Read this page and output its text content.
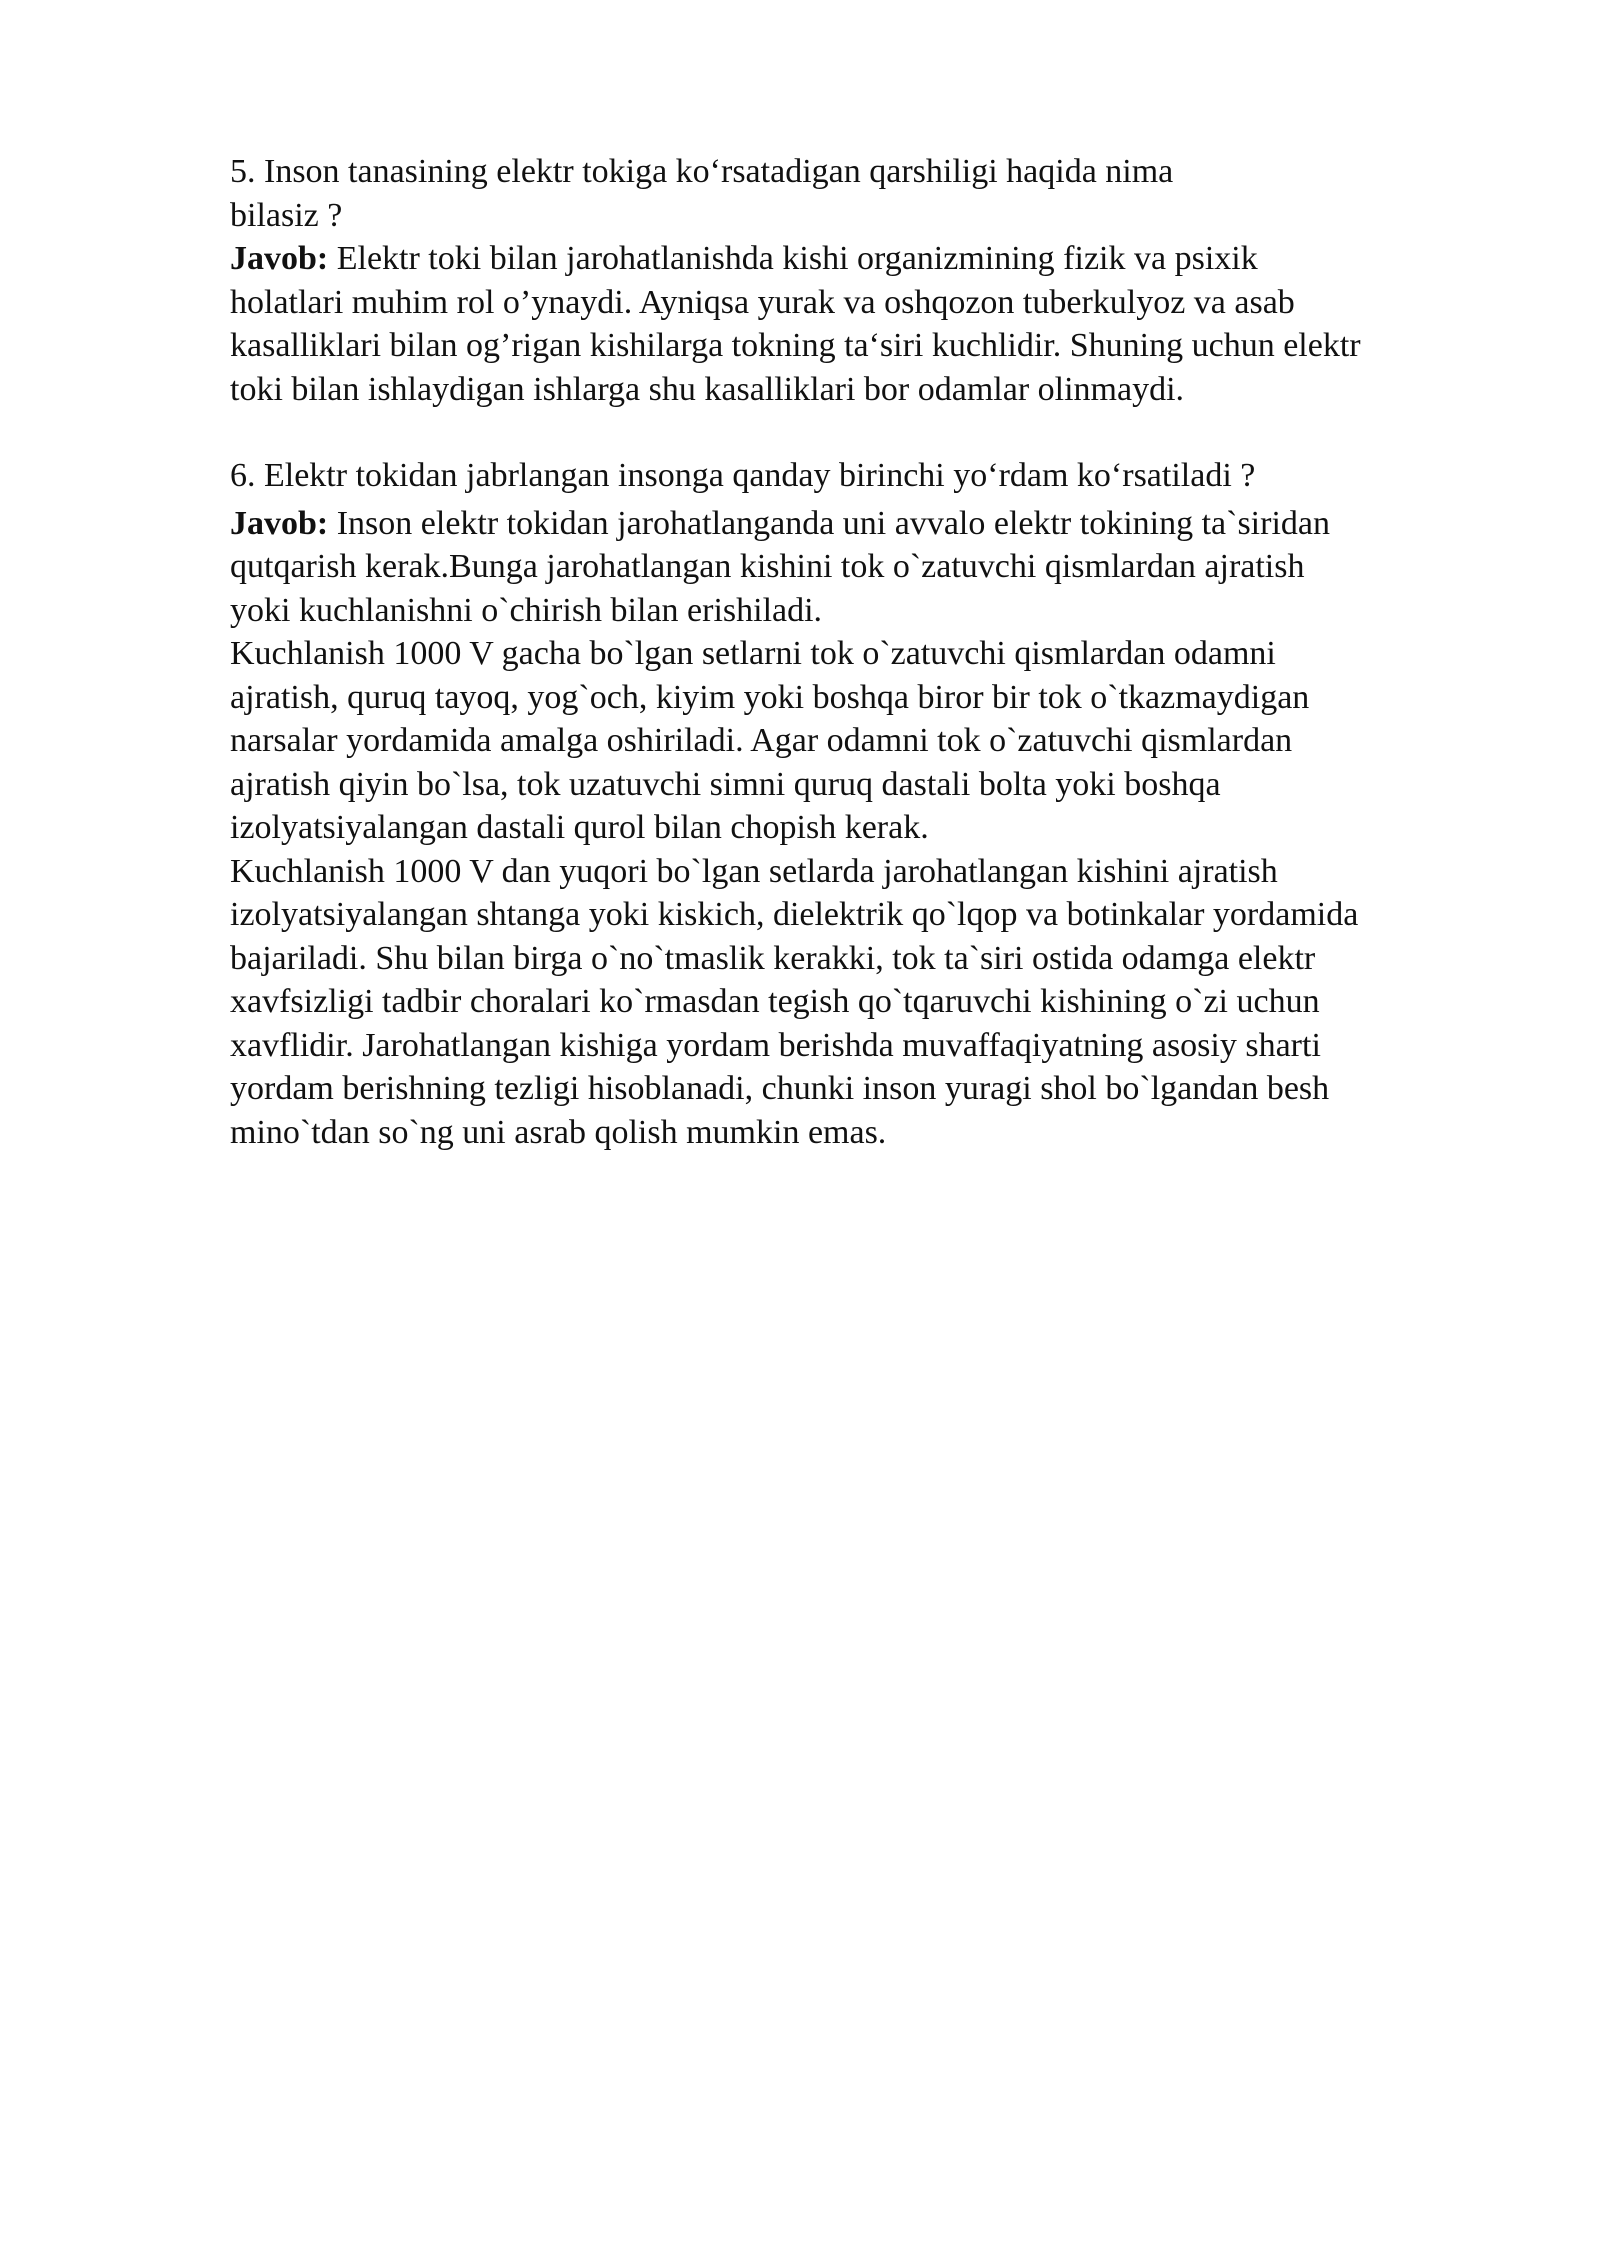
5. Inson tanasining elektr tokiga ko‘rsatadigan qarshiligi haqida nima
bilasiz ?
Javob: Elektr toki bilan jarohatlanishda kishi organizmining fizik va psixik
holatlari muhim rol o’ynaydi. Ayniqsa yurak va oshqozon tuberkulyoz va asab
kasalliklari bilan og’rigan kishilarga tokning ta‘siri kuchlidir. Shuning uchun elektr
toki bilan ishlaydigan ishlarga shu kasalliklari bor odamlar olinmaydi.
6. Elektr tokidan jabrlangan insonga qanday birinchi yo‘rdam ko‘rsatiladi ?
Javob: Inson elektr tokidan jarohatlanganda uni avvalo elektr tokining ta`siridan
qutqarish kerak.Bunga jarohatlangan kishini tok o`zatuvchi qismlardan ajratish
yoki kuchlanishni o`chirish bilan erishiladi.
Kuchlanish 1000 V gacha bo`lgan setlarni tok o`zatuvchi qismlardan odamni
ajratish, quruq tayoq, yog`och, kiyim yoki boshqa biror bir tok o`tkazmaydigan
narsalar yordamida amalga oshiriladi. Agar odamni tok o`zatuvchi qismlardan
ajratish qiyin bo`lsa, tok uzatuvchi simni quruq dastali bolta yoki boshqa
izolyatsiyalangan dastali qurol bilan chopish kerak.
Kuchlanish 1000 V dan yuqori bo`lgan setlarda jarohatlangan kishini ajratish
izolyatsiyalangan shtanga yoki kiskich, dielektrik qo`lqop va botinkalar yordamida
bajariladi. Shu bilan birga o`no`tmaslik kerakki, tok ta`siri ostida odamga elektr
xavfsizligi tadbir choralari ko`rmasdan tegish qo`tqaruvchi kishining o`zi uchun
xavflidir. Jarohatlangan kishiga yordam berishda muvaffaqiyatning asosiy sharti
yordam berishning tezligi hisoblanadi, chunki inson yuragi shol bo`lgandan besh
mino`tdan so`ng uni asrab qolish mumkin emas.
